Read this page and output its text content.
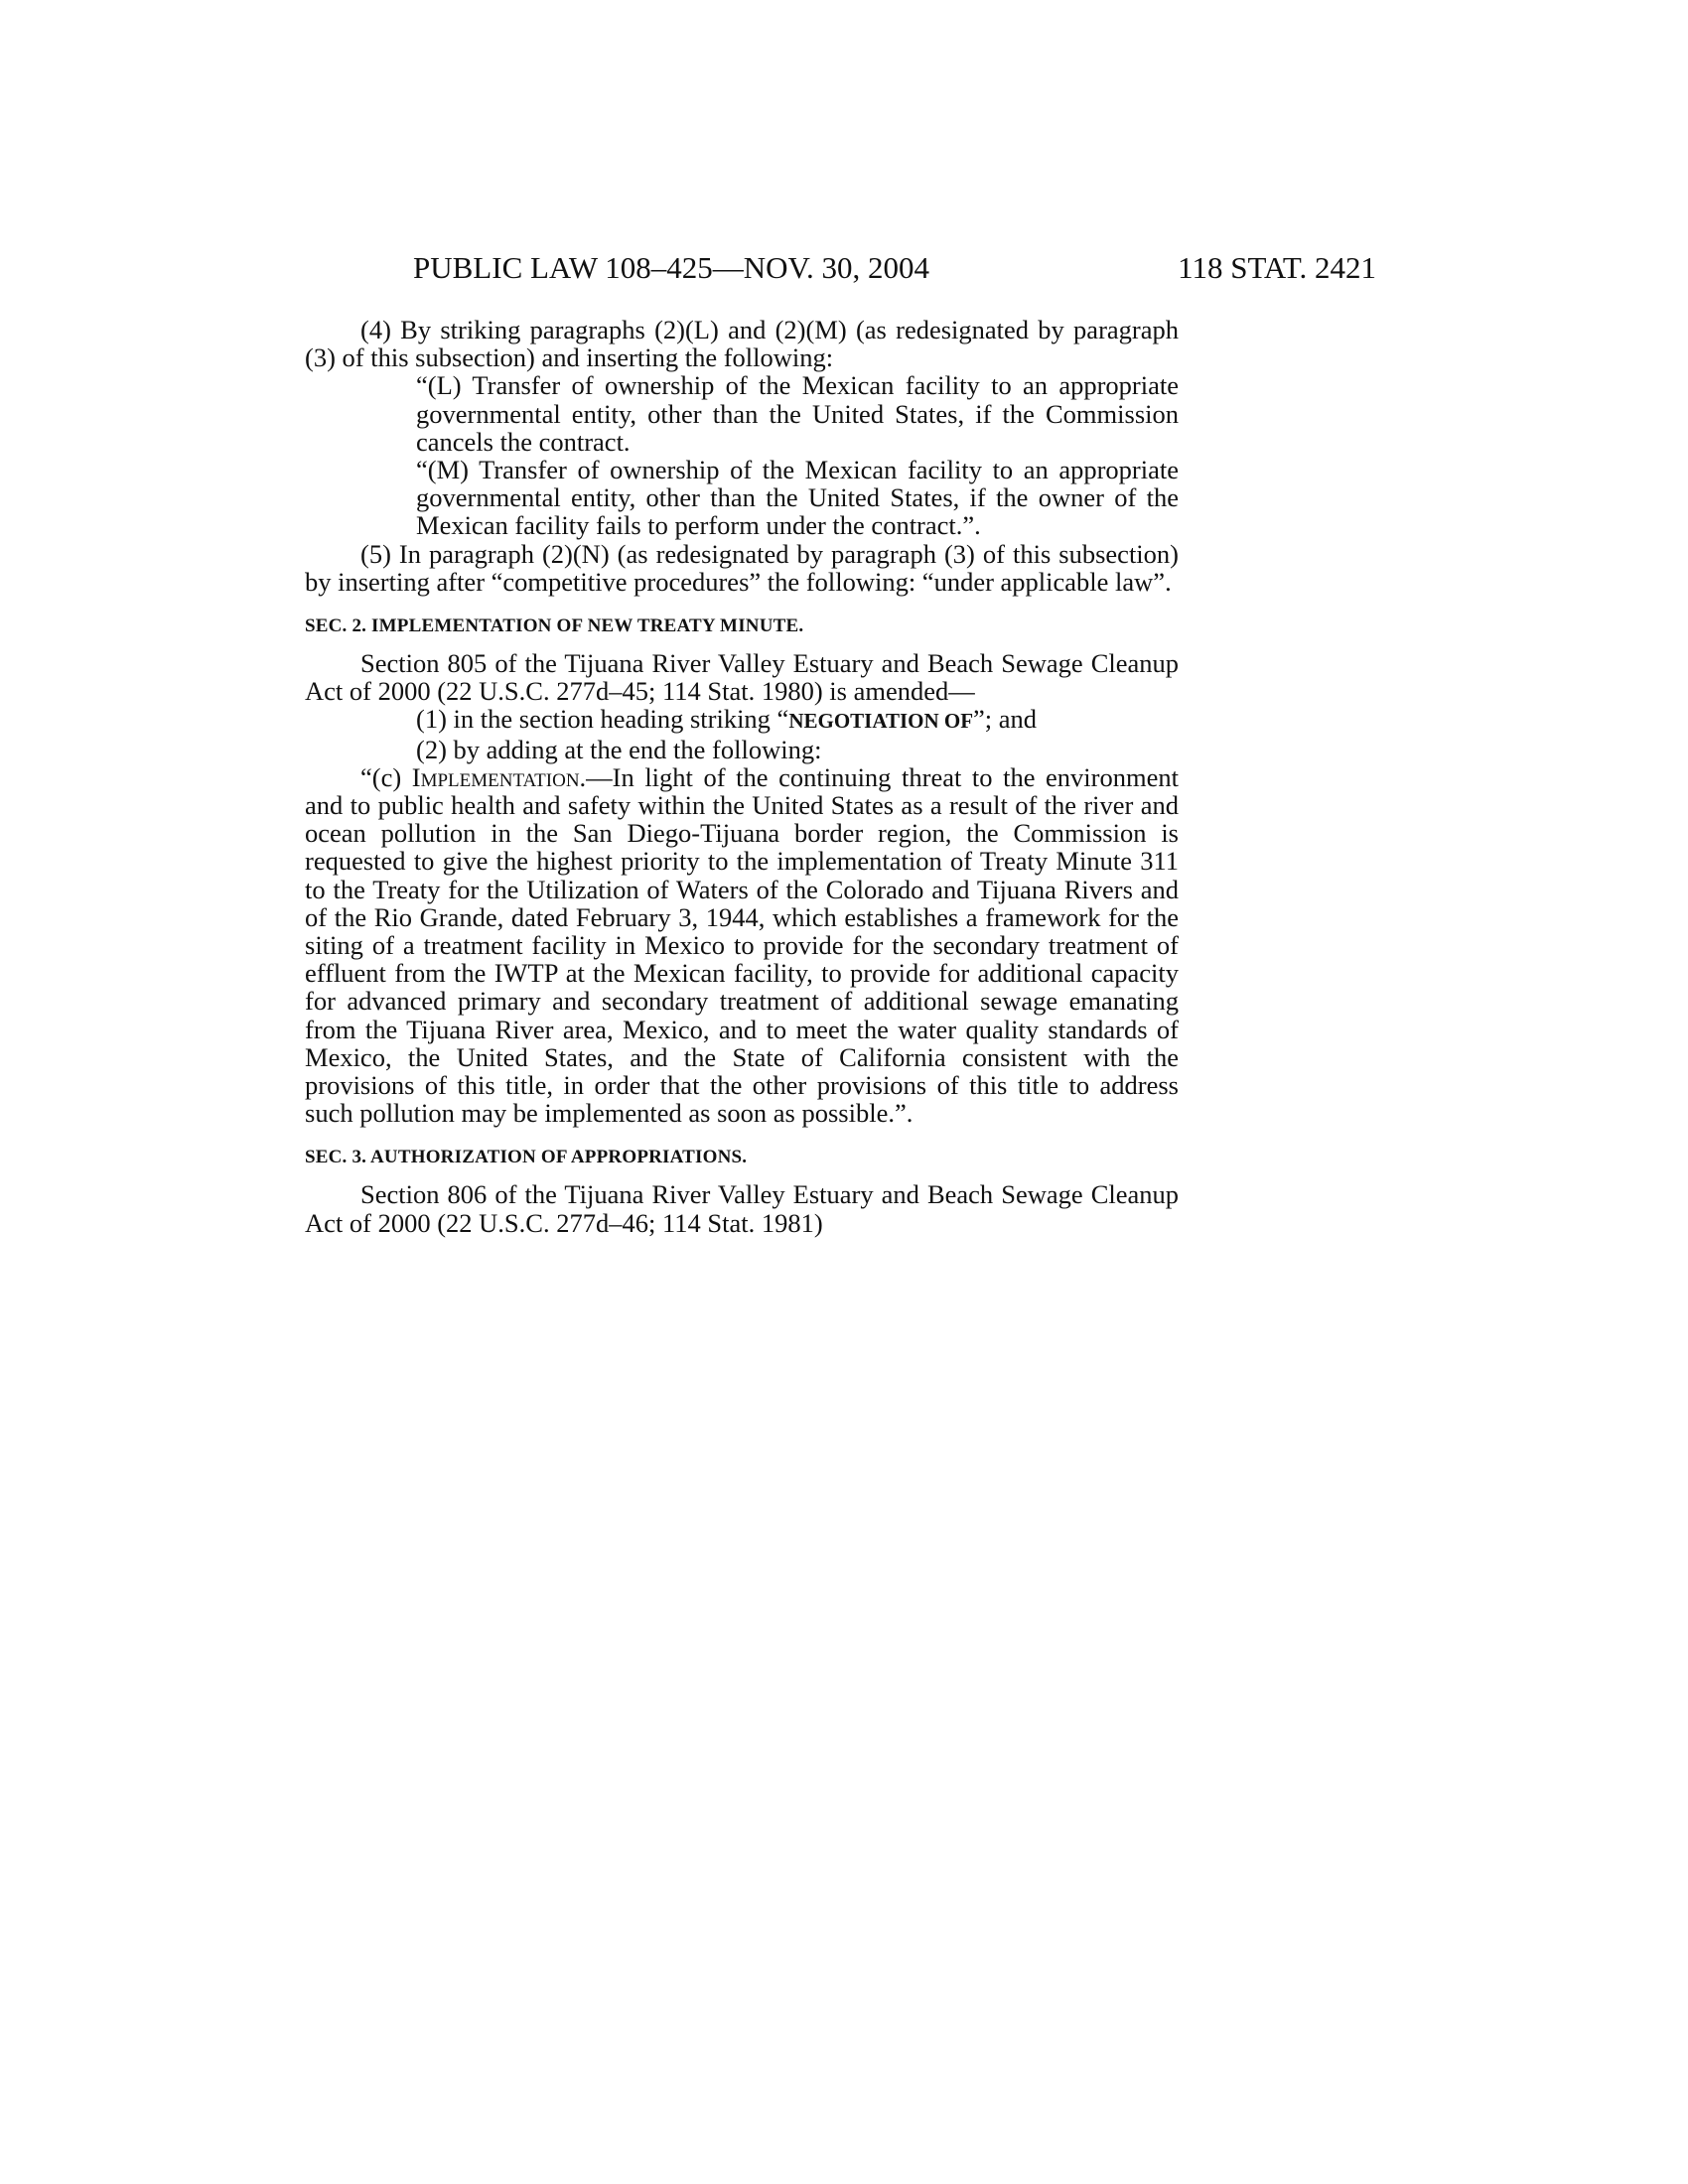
PUBLIC LAW 108–425—NOV. 30, 2004	118 STAT. 2421

(4) By striking paragraphs (2)(L) and (2)(M) (as redesignated by paragraph (3) of this subsection) and inserting the following:

“(L) Transfer of ownership of the Mexican facility to an appropriate governmental entity, other than the United States, if the Commission cancels the contract.

“(M) Transfer of ownership of the Mexican facility to an appropriate governmental entity, other than the United States, if the owner of the Mexican facility fails to perform under the contract.”.

(5) In paragraph (2)(N) (as redesignated by paragraph (3) of this subsection) by inserting after “competitive procedures” the following: “under applicable law”.

SEC. 2. IMPLEMENTATION OF NEW TREATY MINUTE.

Section 805 of the Tijuana River Valley Estuary and Beach Sewage Cleanup Act of 2000 (22 U.S.C. 277d–45; 114 Stat. 1980) is amended—

(1) in the section heading striking “NEGOTIATION OF”; and

(2) by adding at the end the following:

“(c) Implementation.—In light of the continuing threat to the environment and to public health and safety within the United States as a result of the river and ocean pollution in the San Diego-Tijuana border region, the Commission is requested to give the highest priority to the implementation of Treaty Minute 311 to the Treaty for the Utilization of Waters of the Colorado and Tijuana Rivers and of the Rio Grande, dated February 3, 1944, which establishes a framework for the siting of a treatment facility in Mexico to provide for the secondary treatment of effluent from the IWTP at the Mexican facility, to provide for additional capacity for advanced primary and secondary treatment of additional sewage emanating from the Tijuana River area, Mexico, and to meet the water quality standards of Mexico, the United States, and the State of California consistent with the provisions of this title, in order that the other provisions of this title to address such pollution may be implemented as soon as possible.”.

SEC. 3. AUTHORIZATION OF APPROPRIATIONS.

Section 806 of the Tijuana River Valley Estuary and Beach Sewage Cleanup Act of 2000 (22 U.S.C. 277d–46; 114 Stat. 1981)
